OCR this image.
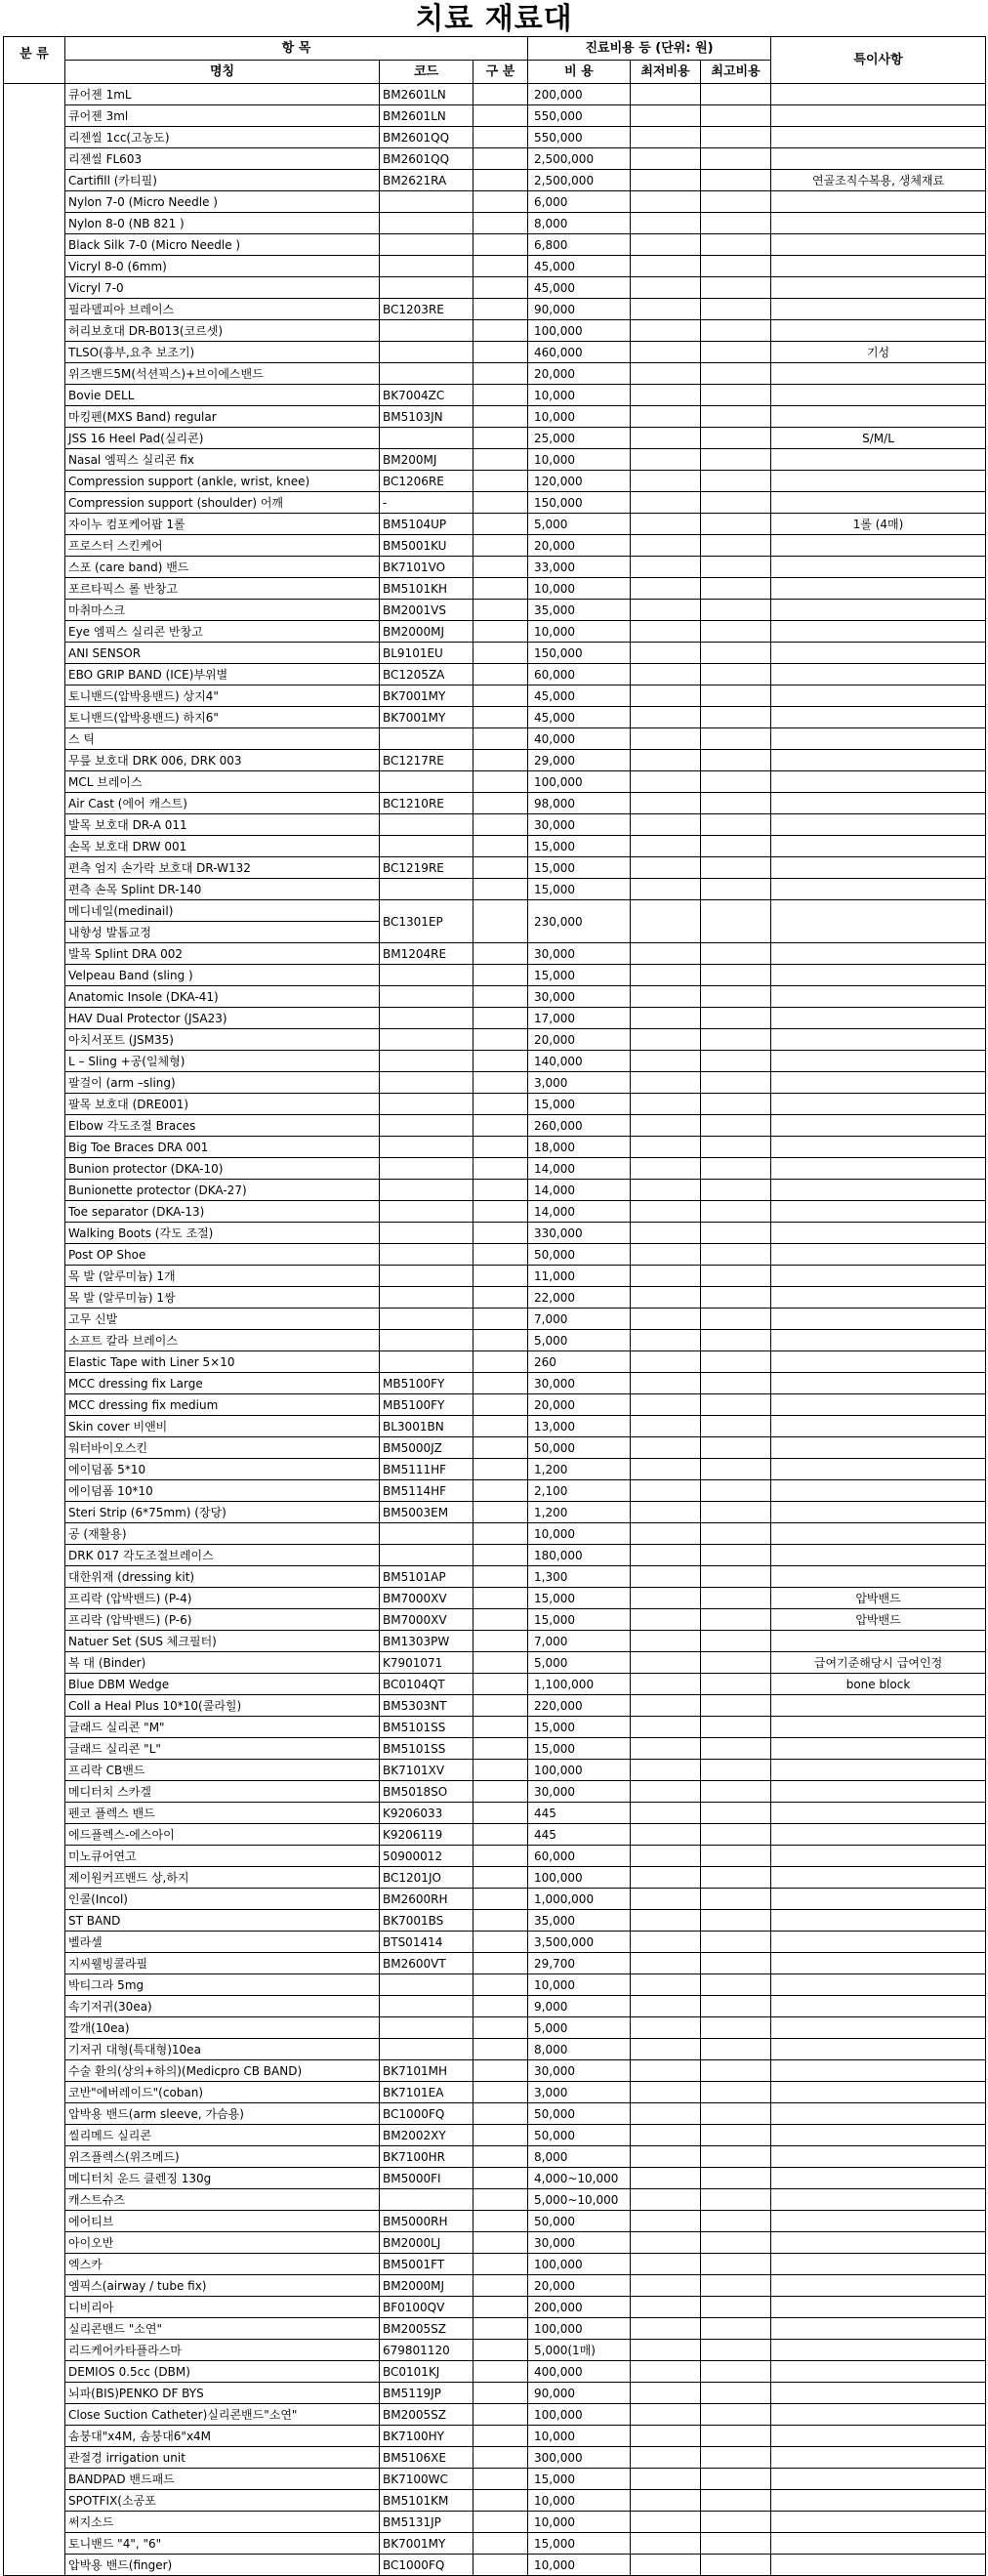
치료 재료대
분 류	항 목			진료비용 등 (단위: 원)			특이사항
	명칭	코드	구 분	비 용	최저비용	최고비용	
	큐어젠 1mL	BM2601LN		200,000			
	큐어젠 3ml	BM2601LN		550,000			
	리젠씰 1cc(고농도)	BM2601QQ		550,000			
	리젠씰 FL603	BM2601QQ		2,500,000			
	Cartifill (카티필)	BM2621RA		2,500,000			연골조직수복용, 생체재료
	Nylon 7-0 (Micro Needle )			6,000			
	Nylon 8-0 (NB 821 )			8,000			
	Black Silk 7-0 (Micro Needle )			6,800			
	Vicryl 8-0 (6mm)			45,000			
	Vicryl 7-0			45,000			
	필라델피아 브레이스	BC1203RE		90,000			
	허리보호대 DR-B013(코르셋)			100,000			
	TLSO(흉부,요추 보조기)			460,000			기성
	위즈밴드5M(석션픽스)+브이에스밴드			20,000			
	Bovie DELL	BK7004ZC		10,000			
	마킹펜(MXS Band) regular	BM5103JN		10,000			
	JSS 16 Heel Pad(실리콘)			25,000			S/M/L
	Nasal 엠픽스 실리콘 fix	BM200MJ		10,000			
	Compression support (ankle, wrist, knee)	BC1206RE		120,000			
	Compression support (shoulder) 어깨	-		150,000			
	자이누 컴포케어팝 1롤	BM5104UP		5,000			1롤 (4매)
	프로스터 스킨케어	BM5001KU		20,000			
	스포 (care band) 밴드	BK7101VO		33,000			
	포르타픽스 롤 반창고	BM5101KH		10,000			
	마취마스크	BM2001VS		35,000			
	Eye 엠픽스 실리콘 반창고	BM2000MJ		10,000			
	ANI SENSOR	BL9101EU		150,000			
	EBO GRIP BAND (ICE)부위별	BC1205ZA		60,000			
	토니밴드(압박용밴드) 상지4"	BK7001MY		45,000			
	토니밴드(압박용밴드) 하지6"	BK7001MY		45,000			
	스 틱			40,000			
	무릎 보호대 DRK 006, DRK 003	BC1217RE		29,000			
	MCL 브레이스			100,000			
	Air Cast (에어 캐스트)	BC1210RE		98,000			
	발목 보호대 DR-A 011			30,000			
	손목 보호대 DRW 001			15,000			
	편측 엄지 손가락 보호대 DR-W132	BC1219RE		15,000			
	편측 손목 Splint DR-140			15,000			
	메디네일(medinail)	BC1301EP		230,000			
	내향성 발톱교정						
	발목 Splint DRA 002	BM1204RE		30,000			
	Velpeau Band (sling )			15,000			
	Anatomic Insole (DKA-41)			30,000			
	HAV Dual Protector (JSA23)			17,000			
	아치서포트 (JSM35)			20,000			
	L – Sling +공(일체형)			140,000			
	팔걸이 (arm –sling)			3,000			
	팔목 보호대 (DRE001)			15,000			
	Elbow 각도조절 Braces			260,000			
	Big Toe Braces DRA 001			18,000			
	Bunion protector (DKA-10)			14,000			
	Bunionette protector (DKA-27)			14,000			
	Toe separator (DKA-13)			14,000			
	Walking Boots (각도 조절)			330,000			
	Post OP Shoe			50,000			
	목 발 (알루미늄) 1개			11,000			
	목 발 (알루미늄) 1쌍			22,000			
	고무 신발			7,000			
	소프트 칼라 브레이스			5,000			
	Elastic Tape with Liner 5×10			260			
	MCC dressing fix Large	MB5100FY		30,000			
	MCC dressing fix medium	MB5100FY		20,000			
	Skin cover 비앤비	BL3001BN		13,000			
	워터바이오스킨	BM5000JZ		50,000			
	에이덤폼 5*10	BM5111HF		1,200			
	에이덤폼 10*10	BM5114HF		2,100			
	Steri Strip (6*75mm) (장당)	BM5003EM		1,200			
	공 (재활용)			10,000			
	DRK 017 각도조절브레이스			180,000			
	대한위재 (dressing kit)	BM5101AP		1,300			
	프리락 (압박밴드) (P-4)	BM7000XV		15,000			압박밴드
	프리락 (압박밴드) (P-6)	BM7000XV		15,000			압박밴드
	Natuer Set (SUS 체크필터)	BM1303PW		7,000			
	복 대 (Binder)	K7901071		5,000			급여기준해당시 급여인정
	Blue DBM Wedge	BC0104QT		1,100,000			bone block
	Coll a Heal Plus 10*10(콜라힐)	BM5303NT		220,000			
	글래드 실리콘 "M"	BM5101SS		15,000			
	글래드 실리콘 "L"	BM5101SS		15,000			
	프리락 CB밴드	BK7101XV		100,000			
	메디터치 스카겔	BM5018SO		30,000			
	펜코 플렉스 밴드	K9206033		445			
	에드플렉스-에스아이	K9206119		445			
	미노큐어연고	50900012		60,000			
	제이원커프밴드 상,하지	BC1201JO		100,000			
	인콜(Incol)	BM2600RH		1,000,000			
	ST BAND	BK7001BS		35,000			
	벨라셀	BTS01414		3,500,000			
	지씨웰빙콜라필	BM2600VT		29,700			
	박티그라 5mg			10,000			
	속기저귀(30ea)			9,000			
	깔개(10ea)			5,000			
	기저귀 대형(특대형)10ea			8,000			
	수술 환의(상의+하의)(Medicpro CB BAND)	BK7101MH		30,000			
	코반"에버레이드"(coban)	BK7101EA		3,000			
	압박용 밴드(arm sleeve, 가슴용)	BC1000FQ		50,000			
	씰리메드 실리콘	BM2002XY		50,000			
	위즈플렉스(위즈메드)	BK7100HR		8,000			
	메디터치 운드 클렌징 130g	BM5000FI		4,000~10,000			
	캐스트슈즈			5,000~10,000			
	에어티브	BM5000RH		50,000			
	아이오반	BM2000LJ		30,000			
	엑스카	BM5001FT		100,000			
	엠픽스(airway / tube fix)	BM2000MJ		20,000			
	디비리아	BF0100QV		200,000			
	실리콘밴드 "소연"	BM2005SZ		100,000			
	리드케어카타플라스마	679801120		5,000(1매)			
	DEMIOS 0.5cc (DBM)	BC0101KJ		400,000			
	뇌파(BIS)PENKO DF BYS	BM5119JP		90,000			
	Close Suction Catheter)실리콘밴드"소연"	BM2005SZ		100,000			
	솜붕대"x4M, 솜붕대6"x4M	BK7100HY		10,000			
	관절경 irrigation unit	BM5106XE		300,000			
	BANDPAD 밴드패드	BK7100WC		15,000			
	SPOTFIX(소공포	BM5101KM		10,000			
	써지소드	BM5131JP		10,000			
	토니밴드 "4", "6"	BK7001MY		15,000			
	압박용 밴드(finger)	BC1000FQ		10,000			
